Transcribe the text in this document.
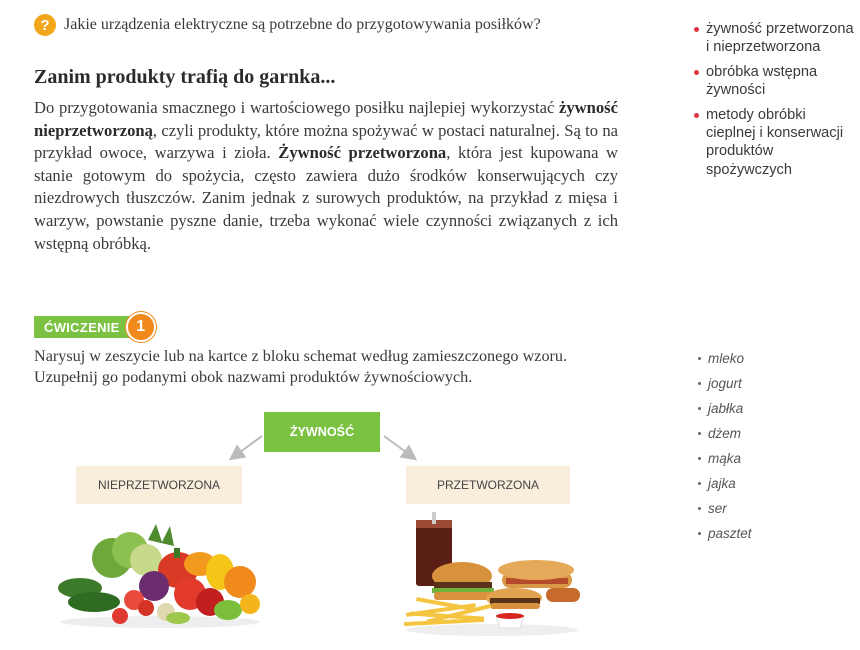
? Jakie urządzenia elektryczne są potrzebne do przygotowywania posiłków?
Zanim produkty trafią do garnka...
Do przygotowania smacznego i wartościowego posiłku najlepiej wykorzystać żywność nieprzetworzoną, czyli produkty, które można spożywać w postaci naturalnej. Są to na przykład owoce, warzywa i zioła. Żywność przetworzona, która jest kupowana w stanie gotowym do spożycia, często zawiera dużo środków konserwujących czy niezdrowych tłuszczów. Zanim jednak z surowych produktów, na przykład z mięsa i warzyw, powstanie pyszne danie, trzeba wykonać wiele czynności związanych z ich wstępną obróbką.
żywność przetworzona i nieprzetworzona
obróbka wstępna żywności
metody obróbki cieplnej i konserwacji produktów spożywczych
ĆWICZENIE	1
Narysuj w zeszycie lub na kartce z bloku schemat według zamieszczonego wzoru. Uzupełnij go podanymi obok nazwami produktów żywnościowych.
mleko
jogurt
jabłka
dżem
mąka
jajka
ser
pasztet
ŻYWNOŚĆ
NIEPRZETWORZONA	PRZETWORZONA
